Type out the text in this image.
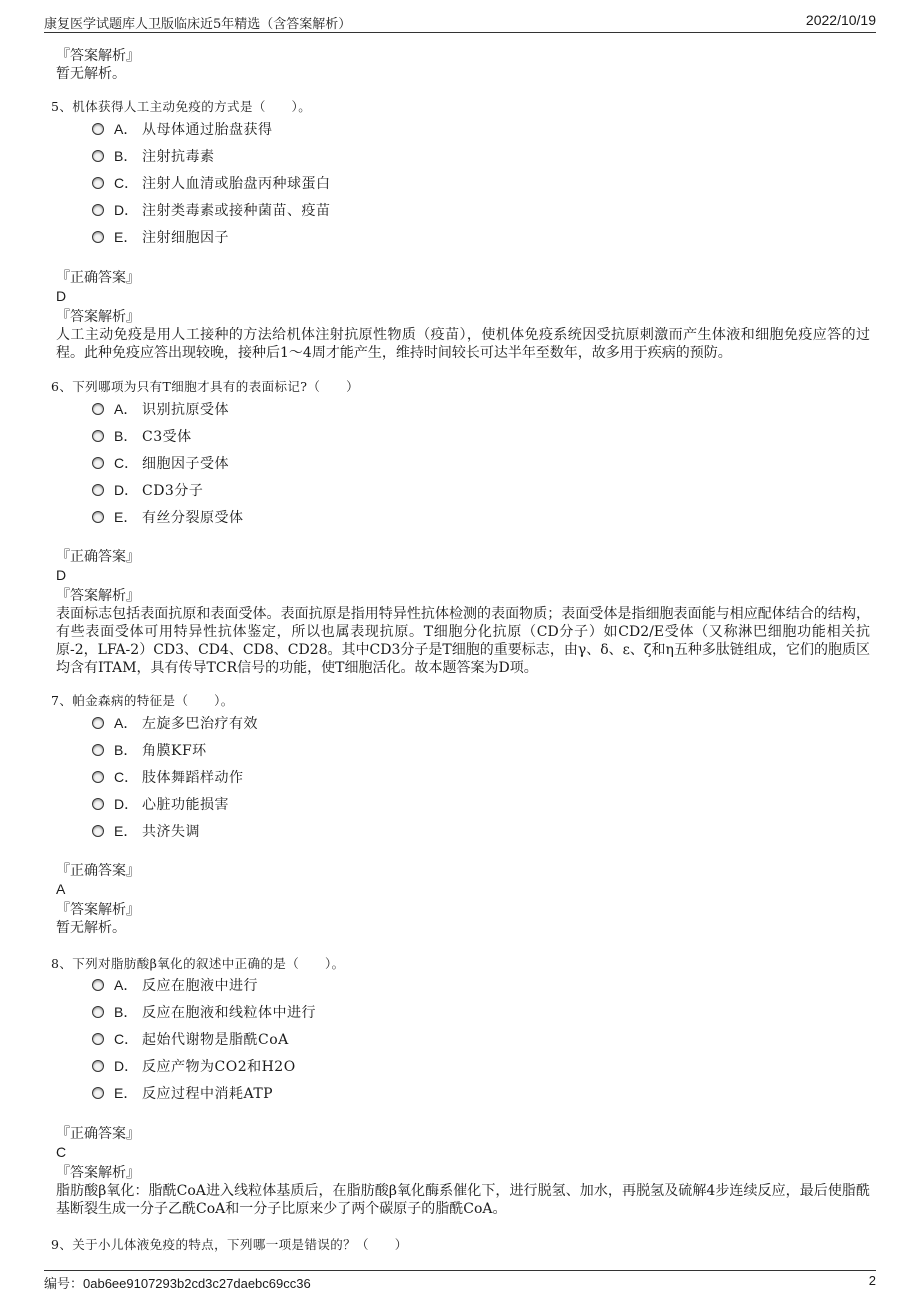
康复医学试题库人卫版临床近5年精选（含答案解析）	2022/10/19
『答案解析』
暂无解析。
5、机体获得人工主动免疫的方式是（　　）。
A． 从母体通过胎盘获得
B． 注射抗毒素
C． 注射人血清或胎盘丙种球蛋白
D． 注射类毒素或接种菌苗、疫苗
E． 注射细胞因子
『正确答案』
D
『答案解析』
人工主动免疫是用人工接种的方法给机体注射抗原性物质（疫苗），使机体免疫系统因受抗原刺激而产生体液和细胞免疫应答的过程。此种免疫应答出现较晚，接种后1～4周才能产生，维持时间较长可达半年至数年，故多用于疾病的预防。
6、下列哪项为只有T细胞才具有的表面标记?（　　）
A． 识别抗原受体
B． C3受体
C． 细胞因子受体
D． CD3分子
E． 有丝分裂原受体
『正确答案』
D
『答案解析』
表面标志包括表面抗原和表面受体。表面抗原是指用特异性抗体检测的表面物质；表面受体是指细胞表面能与相应配体结合的结构，有些表面受体可用特异性抗体鉴定，所以也属表现抗原。T细胞分化抗原（CD分子）如CD2/E受体（又称淋巴细胞功能相关抗原-2，LFA-2）CD3、CD4、CD8、CD28。其中CD3分子是T细胞的重要标志，由γ、δ、ε、ζ和η五种多肽链组成，它们的胞质区均含有ITAM，具有传导TCR信号的功能，使T细胞活化。故本题答案为D项。
7、帕金森病的特征是（　　）。
A． 左旋多巴治疗有效
B． 角膜KF环
C． 肢体舞蹈样动作
D． 心脏功能损害
E． 共济失调
『正确答案』
A
『答案解析』
暂无解析。
8、下列对脂肪酸β氧化的叙述中正确的是（　　）。
A． 反应在胞液中进行
B． 反应在胞液和线粒体中进行
C． 起始代谢物是脂酰CoA
D． 反应产物为CO2和H2O
E． 反应过程中消耗ATP
『正确答案』
C
『答案解析』
脂肪酸β氧化：脂酰CoA进入线粒体基质后，在脂肪酸β氧化酶系催化下，进行脱氢、加水，再脱氢及硫解4步连续反应，最后使脂酰基断裂生成一分子乙酰CoA和一分子比原来少了两个碳原子的脂酰CoA。
9、关于小儿体液免疫的特点，下列哪一项是错误的？（　　）
编号：0ab6ee9107293b2cd3c27daebc69cc36	2
